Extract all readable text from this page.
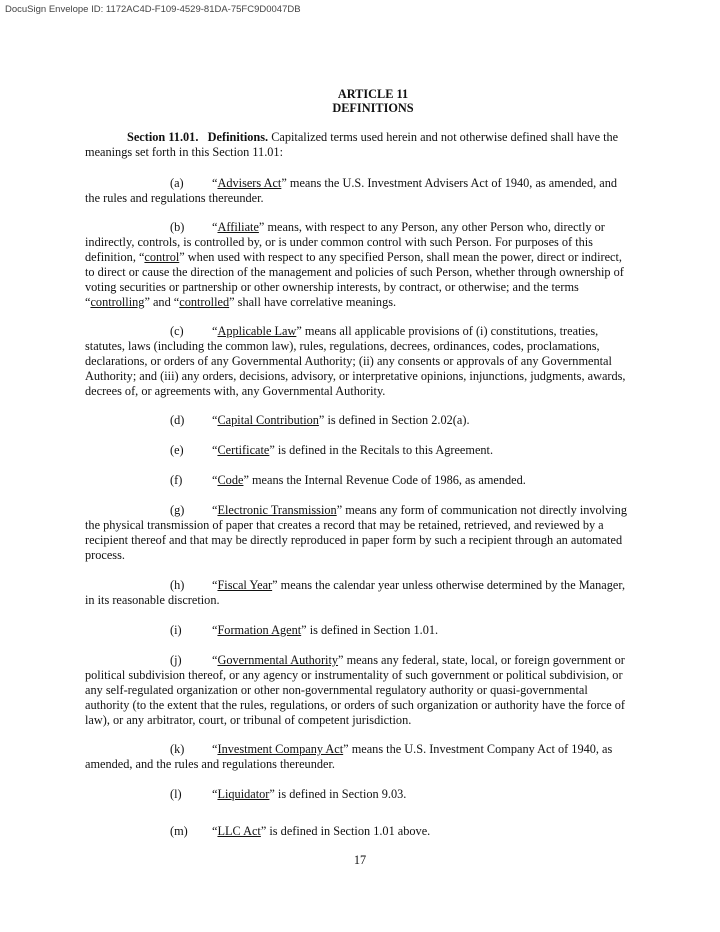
DocuSign Envelope ID: 1172AC4D-F109-4529-81DA-75FC9D0047DB
ARTICLE 11
DEFINITIONS

Section 11.01. Definitions. Capitalized terms used herein and not otherwise defined shall have the meanings set forth in this Section 11.01:

(a) “Advisers Act” means the U.S. Investment Advisers Act of 1940, as amended, and the rules and regulations thereunder.

(b) “Affiliate” means, with respect to any Person, any other Person who, directly or indirectly, controls, is controlled by, or is under common control with such Person. For purposes of this definition, “control” when used with respect to any specified Person, shall mean the power, direct or indirect, to direct or cause the direction of the management and policies of such Person, whether through ownership of voting securities or partnership or other ownership interests, by contract, or otherwise; and the terms “controlling” and “controlled” shall have correlative meanings.

(c) “Applicable Law” means all applicable provisions of (i) constitutions, treaties, statutes, laws (including the common law), rules, regulations, decrees, ordinances, codes, proclamations, declarations, or orders of any Governmental Authority; (ii) any consents or approvals of any Governmental Authority; and (iii) any orders, decisions, advisory, or interpretative opinions, injunctions, judgments, awards, decrees of, or agreements with, any Governmental Authority.

(d) “Capital Contribution” is defined in Section 2.02(a).

(e) “Certificate” is defined in the Recitals to this Agreement.

(f) “Code” means the Internal Revenue Code of 1986, as amended.

(g) “Electronic Transmission” means any form of communication not directly involving the physical transmission of paper that creates a record that may be retained, retrieved, and reviewed by a recipient thereof and that may be directly reproduced in paper form by such a recipient through an automated process.

(h) “Fiscal Year” means the calendar year unless otherwise determined by the Manager, in its reasonable discretion.

(i) “Formation Agent” is defined in Section 1.01.

(j) “Governmental Authority” means any federal, state, local, or foreign government or political subdivision thereof, or any agency or instrumentality of such government or political subdivision, or any self-regulated organization or other non-governmental regulatory authority or quasi-governmental authority (to the extent that the rules, regulations, or orders of such organization or authority have the force of law), or any arbitrator, court, or tribunal of competent jurisdiction.

(k) “Investment Company Act” means the U.S. Investment Company Act of 1940, as amended, and the rules and regulations thereunder.

(l) “Liquidator” is defined in Section 9.03.

(m) “LLC Act” is defined in Section 1.01 above.

17
